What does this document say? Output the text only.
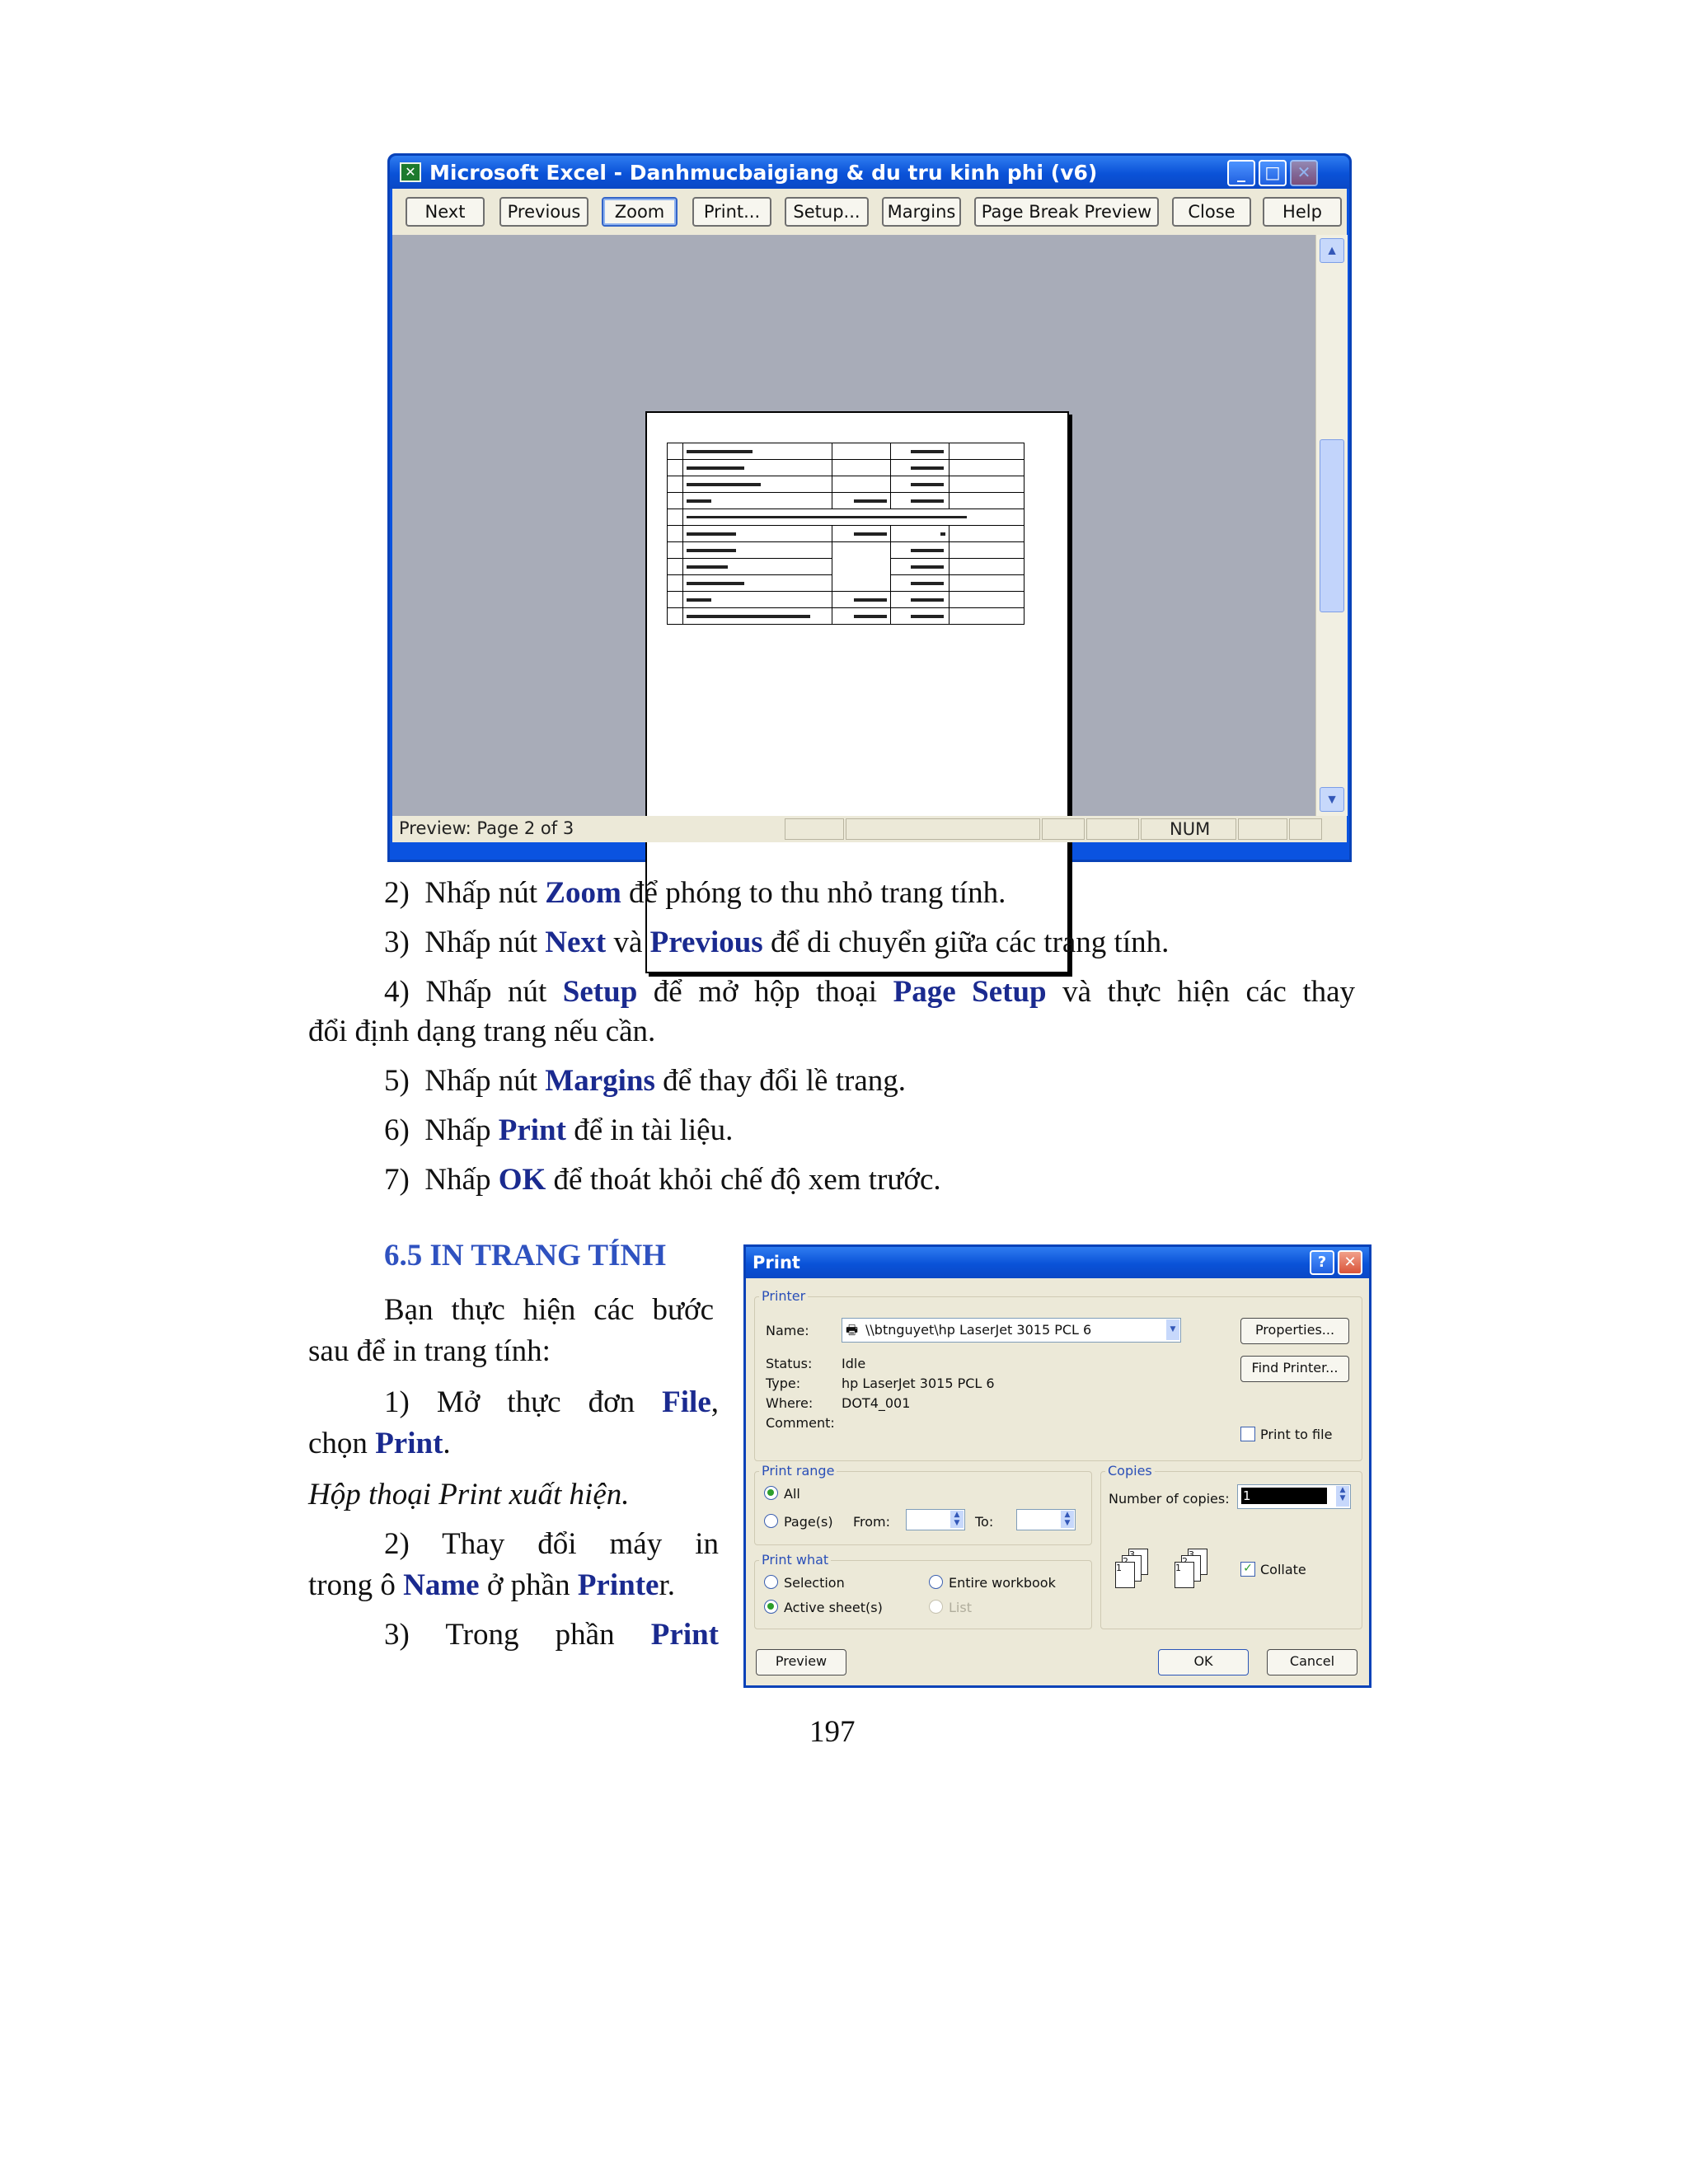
✕ Microsoft Excel - Danhmucbaigiang & du tru kinh phi (v6)	_	□	✕
Next	Previous	Zoom	Print...	Setup...	Margins	Page Break Preview	Close	Help

▲
▼
Preview: Page 2 of 3	NUM
2) Nhấp nút Zoom để phóng to thu nhỏ trang tính.
3) Nhấp nút Next và Previous để di chuyển giữa các trang tính.
4) Nhấp nút Setup để mở hộp thoại Page Setup và thực hiện các thay
đổi định dạng trang nếu cần.
5) Nhấp nút Margins để thay đổi lề trang.
6) Nhấp Print để in tài liệu.
7) Nhấp OK để thoát khỏi chế độ xem trước.
6.5 IN TRANG TÍNH
Bạn thực hiện các bước
sau để in trang tính:
1) Mở thực đơn File,
chọn Print.
Hộp thoại Print xuất hiện.
2) Thay đổi máy in
trong ô Name ở phần Printer.
3) Trong phần Print
Print	?	✕
Printer
Name:	🖶 \\btnguyet\hp LaserJet 3015 PCL 6	▼
Status: Idle
Type:	hp LaserJet 3015 PCL 6
Where: DOT4_001
Comment:
Properties...
Find Printer...
Print to file
Print range
All
Page(s) From:	▲
▼ To:	▲
▼
Print what
Selection	Entire workbook
Active sheet(s)	List
Copies
Number of copies: 1	▲
▼
1	1	✓ Collate
Preview	OK	Cancel
197
